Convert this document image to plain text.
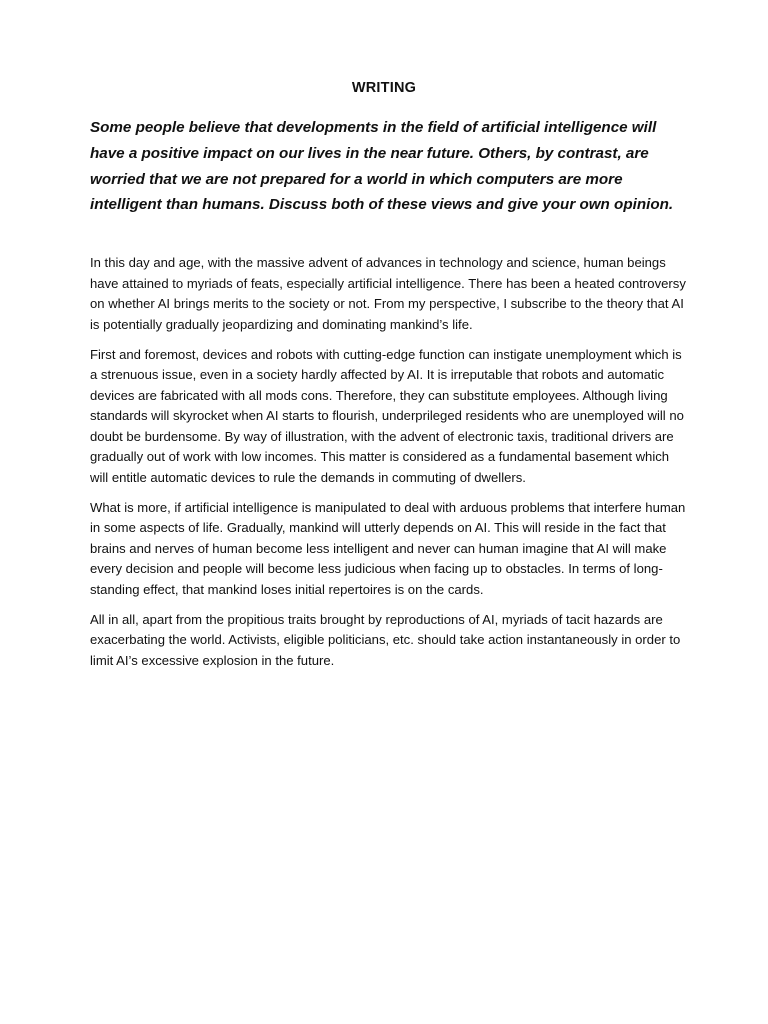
WRITING

Some people believe that developments in the field of artificial intelligence will have a positive impact on our lives in the near future. Others, by contrast, are worried that we are not prepared for a world in which computers are more intelligent than humans. Discuss both of these views and give your own opinion.

In this day and age, with the massive advent of advances in technology and science, human beings have attained to myriads of feats, especially artificial intelligence. There has been a heated controversy on whether AI brings merits to the society or not. From my perspective, I subscribe to the theory that AI is potentially gradually jeopardizing and dominating mankind’s life.

First and foremost, devices and robots with cutting-edge function can instigate unemployment which is a strenuous issue, even in a society hardly affected by AI. It is irreputable that robots and automatic devices are fabricated with all mods cons. Therefore, they can substitute employees. Although living standards will skyrocket when AI starts to flourish, underprileged residents who are unemployed will no doubt be burdensome. By way of illustration, with the advent of electronic taxis, traditional drivers are gradually out of work with low incomes. This matter is considered as a fundamental basement which will entitle automatic devices to rule the demands in commuting of dwellers.

What is more, if artificial intelligence is manipulated to deal with arduous problems that interfere human in some aspects of life. Gradually, mankind will utterly depends on AI. This will reside in the fact that brains and nerves of human become less intelligent and never can human imagine that AI will make every decision and people will become less judicious when facing up to obstacles. In terms of long-standing effect, that mankind loses initial repertoires is on the cards.

All in all, apart from the propitious traits brought by reproductions of AI, myriads of tacit hazards are exacerbating the world. Activists, eligible politicians, etc. should take action instantaneously in order to limit AI’s excessive explosion in the future.
